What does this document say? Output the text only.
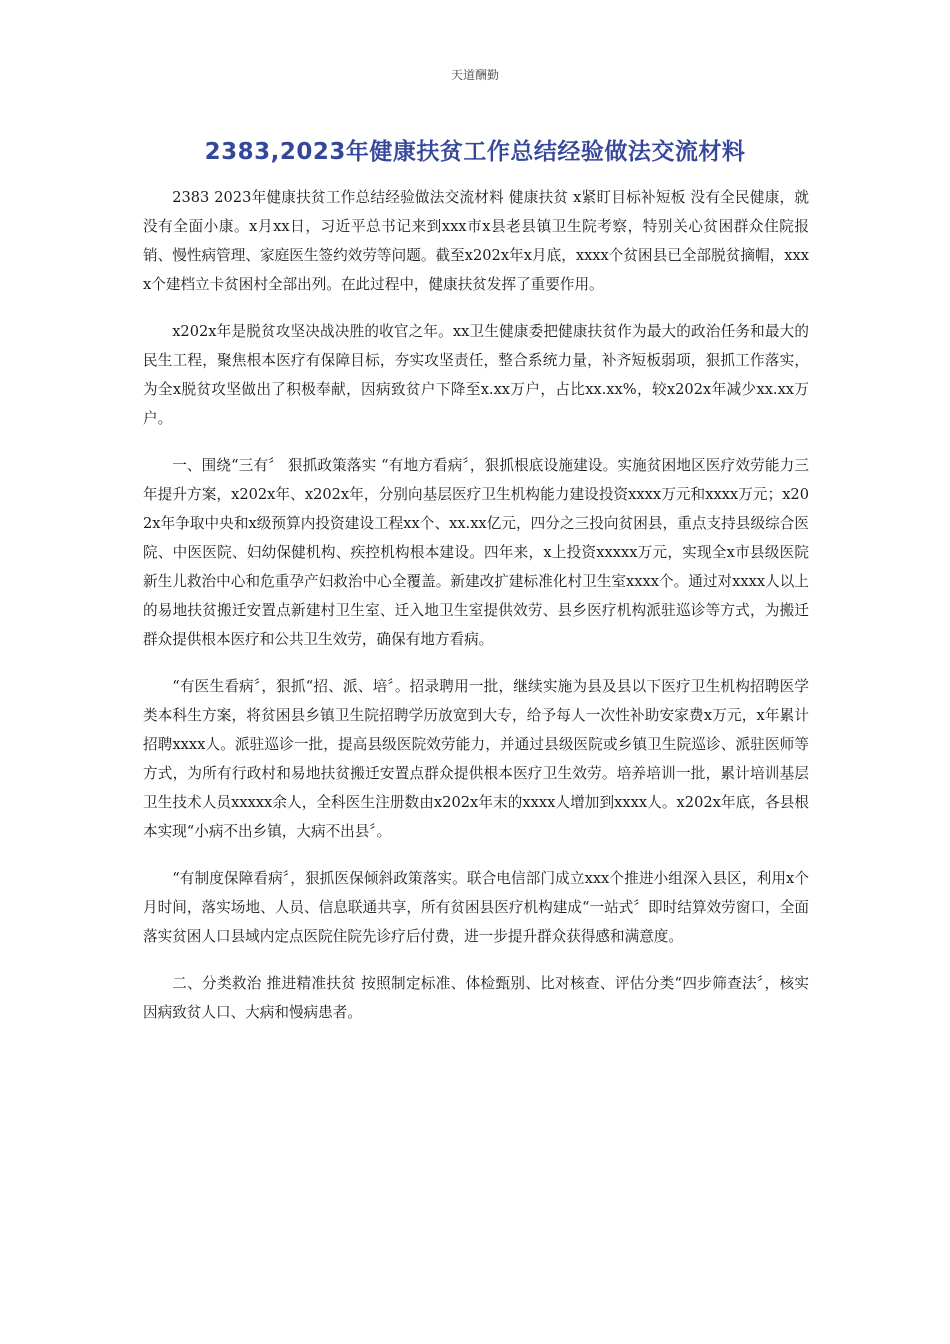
天道酬勤
2383,2023年健康扶贫工作总结经验做法交流材料

2383 2023年健康扶贫工作总结经验做法交流材料 健康扶贫 x紧盯目标补短板 没有全民健康，就没有全面小康。x月xx日，习近平总书记来到xxx市x县老县镇卫生院考察，特别关心贫困群众住院报销、慢性病管理、家庭医生签约效劳等问题。截至x202x年x月底，xxxx个贫困县已全部脱贫摘帽，xxxx个建档立卡贫困村全部出列。在此过程中，健康扶贫发挥了重要作用。

x202x年是脱贫攻坚决战决胜的收官之年。xx卫生健康委把健康扶贫作为最大的政治任务和最大的民生工程，聚焦根本医疗有保障目标，夯实攻坚责任，整合系统力量，补齐短板弱项，狠抓工作落实，为全x脱贫攻坚做出了积极奉献，因病致贫户下降至x.xx万户，占比xx.xx%，较x202x年减少xx.xx万户。

一、围绕“三有〞 狠抓政策落实 “有地方看病〞，狠抓根底设施建设。实施贫困地区医疗效劳能力三年提升方案，x202x年、x202x年，分别向基层医疗卫生机构能力建设投资xxxx万元和xxxx万元；x202x年争取中央和x级预算内投资建设工程xx个、xx.xx亿元，四分之三投向贫困县，重点支持县级综合医院、中医医院、妇幼保健机构、疾控机构根本建设。四年来，x上投资xxxxx万元，实现全x市县级医院新生儿救治中心和危重孕产妇救治中心全覆盖。新建改扩建标准化村卫生室xxxx个。通过对xxxx人以上的易地扶贫搬迁安置点新建村卫生室、迁入地卫生室提供效劳、县乡医疗机构派驻巡诊等方式，为搬迁群众提供根本医疗和公共卫生效劳，确保有地方看病。

“有医生看病〞，狠抓“招、派、培〞。招录聘用一批，继续实施为县及县以下医疗卫生机构招聘医学类本科生方案，将贫困县乡镇卫生院招聘学历放宽到大专，给予每人一次性补助安家费x万元，x年累计招聘xxxx人。派驻巡诊一批，提高县级医院效劳能力，并通过县级医院或乡镇卫生院巡诊、派驻医师等方式，为所有行政村和易地扶贫搬迁安置点群众提供根本医疗卫生效劳。培养培训一批，累计培训基层卫生技术人员xxxxx余人，全科医生注册数由x202x年末的xxxx人增加到xxxx人。x202x年底，各县根本实现“小病不出乡镇，大病不出县〞。

“有制度保障看病〞，狠抓医保倾斜政策落实。联合电信部门成立xxx个推进小组深入县区，利用x个月时间，落实场地、人员、信息联通共享，所有贫困县医疗机构建成“一站式〞即时结算效劳窗口，全面落实贫困人口县域内定点医院住院先诊疗后付费，进一步提升群众获得感和满意度。

二、分类救治 推进精准扶贫 按照制定标准、体检甄别、比对核查、评估分类“四步筛查法〞，核实因病致贫人口、大病和慢病患者。
